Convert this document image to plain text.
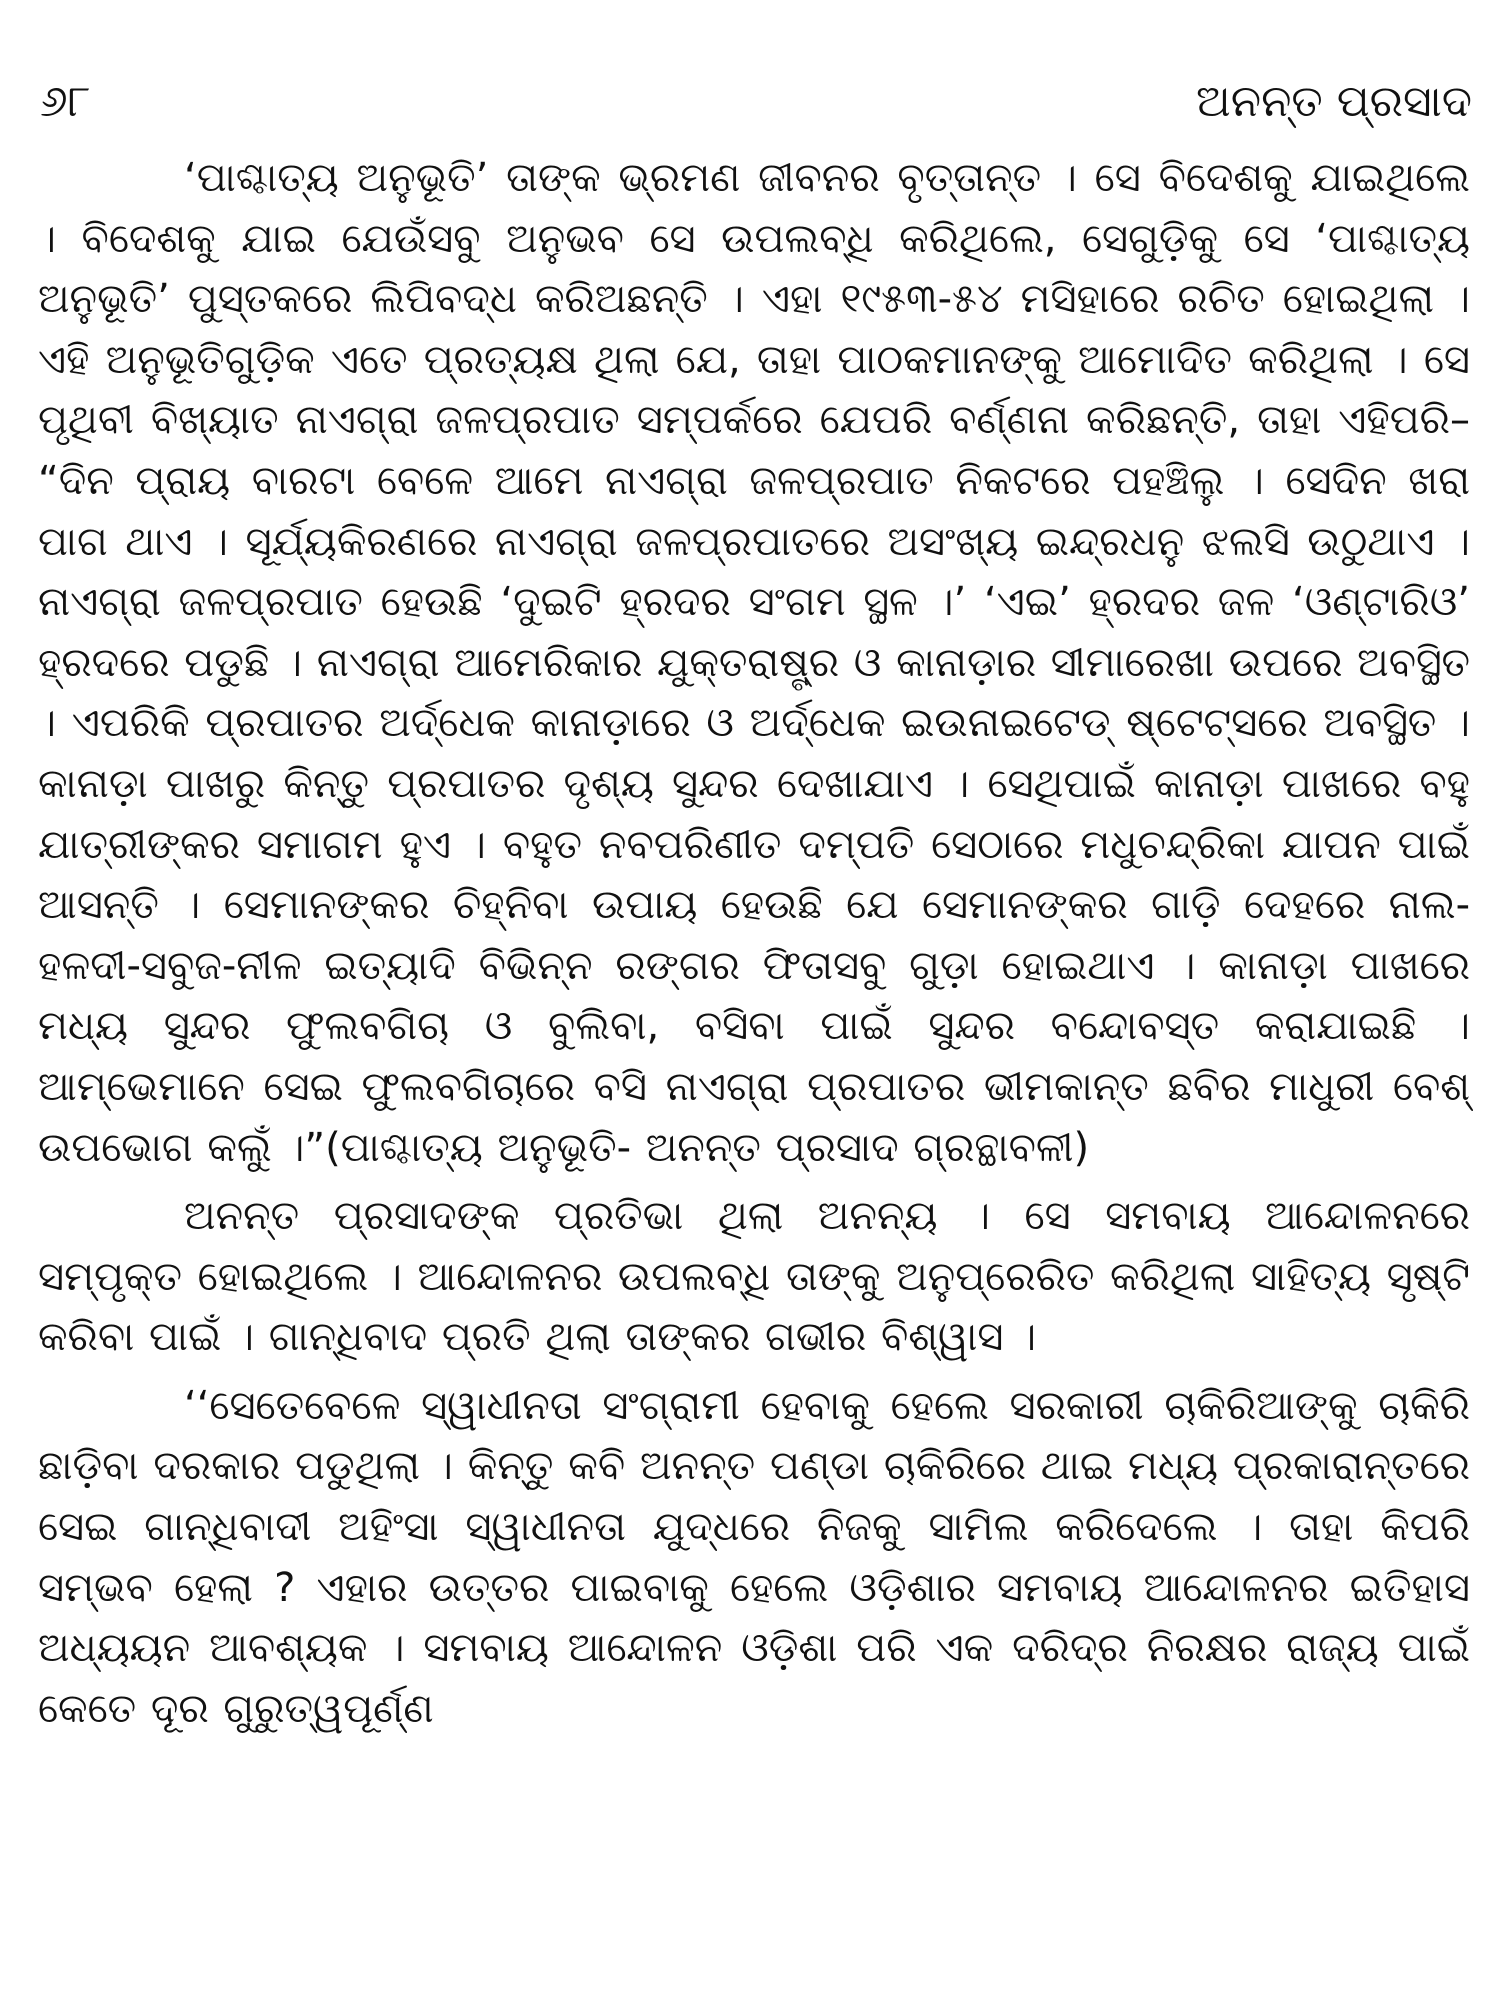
୬୮	ଅନନ୍ତ ପ୍ରସାଦ

‘ପାଶ୍ଚାତ୍ୟ ଅନୁଭୂତି’ ତାଙ୍କ ଭ୍ରମଣ ଜୀବନର ବୃତ୍ତାନ୍ତ । ସେ ବିଦେଶକୁ ଯାଇଥିଲେ । ବିଦେଶକୁ ଯାଇ ଯେଉଁସବୁ ଅନୁଭବ ସେ ଉପଲବ୍ଧି କରିଥିଲେ, ସେଗୁଡ଼ିକୁ ସେ ‘ପାଶ୍ଚାତ୍ୟ ଅନୁଭୂତି’ ପୁସ୍ତକରେ ଲିପିବଦ୍ଧ କରିଅଛନ୍ତି । ଏହା ୧୯୫୩-୫୪ ମସିହାରେ ରଚିତ ହୋଇଥିଲା । ଏହି ଅନୁଭୂତିଗୁଡ଼ିକ ଏତେ ପ୍ରତ୍ୟକ୍ଷ ଥିଲା ଯେ, ତାହା ପାଠକମାନଙ୍କୁ ଆମୋଦିତ କରିଥିଲା । ସେ ପୃଥିବୀ ବିଖ୍ୟାତ ନାଏଗ୍ରା ଜଳପ୍ରପାତ ସମ୍ପର୍କରେ ଯେପରି ବର୍ଣ୍ଣନା କରିଛନ୍ତି, ତାହା ଏହିପରି– “ଦିନ ପ୍ରାୟ ବାରଟା ବେଳେ ଆମେ ନାଏଗ୍ରା ଜଳପ୍ରପାତ ନିକଟରେ ପହଞ୍ଚିଲୁ । ସେଦିନ ଖରା ପାଗ ଥାଏ । ସୂର୍ଯ୍ୟକିରଣରେ ନାଏଗ୍ରା ଜଳପ୍ରପାତରେ ଅସଂଖ୍ୟ ଇନ୍ଦ୍ରଧନୁ ଝଲସି ଉଠୁଥାଏ । ନାଏଗ୍ରା ଜଳପ୍ରପାତ ହେଉଛି ‘ଦୁଇଟି ହ୍ରଦର ସଂଗମ ସ୍ଥଳ ।’ ‘ଏଇ’ ହ୍ରଦର ଜଳ ‘ଓଣ୍ଟାରିଓ’ ହ୍ରଦରେ ପଡୁଛି । ନାଏଗ୍ରା ଆମେରିକାର ଯୁକ୍ତରାଷ୍ଟ୍ର ଓ କାନାଡ଼ାର ସୀମାରେଖା ଉପରେ ଅବସ୍ଥିତ । ଏପରିକି ପ୍ରପାତର ଅର୍ଦ୍ଧେକ କାନାଡ଼ାରେ ଓ ଅର୍ଦ୍ଧେକ ଇଉନାଇଟେଡ୍ ଷ୍ଟେଟ୍ସରେ ଅବସ୍ଥିତ । କାନାଡ଼ା ପାଖରୁ କିନ୍ତୁ ପ୍ରପାତର ଦୃଶ୍ୟ ସୁନ୍ଦର ଦେଖାଯାଏ । ସେଥିପାଇଁ କାନାଡ଼ା ପାଖରେ ବହୁ ଯାତ୍ରୀଙ୍କର ସମାଗମ ହୁଏ । ବହୁତ ନବପରିଣୀତ ଦମ୍ପତି ସେଠାରେ ମଧୁଚନ୍ଦ୍ରିକା ଯାପନ ପାଇଁ ଆସନ୍ତି । ସେମାନଙ୍କର ଚିହ୍ନିବା ଉପାୟ ହେଉଛି ଯେ ସେମାନଙ୍କର ଗାଡ଼ି ଦେହରେ ନାଲ-ହଳଦୀ-ସବୁଜ-ନୀଳ ଇତ୍ୟାଦି ବିଭିନ୍ନ ରଙ୍ଗର ଫିତାସବୁ ଗୁଡ଼ା ହୋଇଥାଏ । କାନାଡ଼ା ପାଖରେ ମଧ୍ୟ ସୁନ୍ଦର ଫୁଲବଗିଚା ଓ ବୁଲିବା, ବସିବା ପାଇଁ ସୁନ୍ଦର ବନ୍ଦୋବସ୍ତ କରାଯାଇଛି । ଆମ୍ଭେମାନେ ସେଇ ଫୁଲବଗିଚାରେ ବସି ନାଏଗ୍ରା ପ୍ରପାତର ଭୀମକାନ୍ତ ଛବିର ମାଧୁରୀ ବେଶ୍ ଉପଭୋଗ କଲୁଁ ।”(ପାଶ୍ଚାତ୍ୟ ଅନୁଭୂତି- ଅନନ୍ତ ପ୍ରସାଦ ଗ୍ରନ୍ଥାବଳୀ)

ଅନନ୍ତ ପ୍ରସାଦଙ୍କ ପ୍ରତିଭା ଥିଲା ଅନନ୍ୟ । ସେ ସମବାୟ ଆନ୍ଦୋଳନରେ ସମ୍ପୃକ୍ତ ହୋଇଥିଲେ । ଆନ୍ଦୋଳନର ଉପଲବ୍ଧି ତାଙ୍କୁ ଅନୁପ୍ରେରିତ କରିଥିଲା ସାହିତ୍ୟ ସୃଷ୍ଟି କରିବା ପାଇଁ । ଗାନ୍ଧିବାଦ ପ୍ରତି ଥିଲା ତାଙ୍କର ଗଭୀର ବିଶ୍ୱାସ ।

‘‘ସେତେବେଳେ ସ୍ୱାଧୀନତା ସଂଗ୍ରାମୀ ହେବାକୁ ହେଲେ ସରକାରୀ ଚାକିରିଆଙ୍କୁ ଚାକିରି ଛାଡ଼ିବା ଦରକାର ପଡୁଥିଲା । କିନ୍ତୁ କବି ଅନନ୍ତ ପଣ୍ଡା ଚାକିରିରେ ଥାଇ ମଧ୍ୟ ପ୍ରକାରାନ୍ତରେ ସେଇ ଗାନ୍ଧିବାଦୀ ଅହିଂସା ସ୍ୱାଧୀନତା ଯୁଦ୍ଧରେ ନିଜକୁ ସାମିଲ କରିଦେଲେ । ତାହା କିପରି ସମ୍ଭବ ହେଲା ? ଏହାର ଉତ୍ତର ପାଇବାକୁ ହେଲେ ଓଡ଼ିଶାର ସମବାୟ ଆନ୍ଦୋଳନର ଇତିହାସ ଅଧ୍ୟୟନ ଆବଶ୍ୟକ । ସମବାୟ ଆନ୍ଦୋଳନ ଓଡ଼ିଶା ପରି ଏକ ଦରିଦ୍ର ନିରକ୍ଷର ରାଜ୍ୟ ପାଇଁ କେତେ ଦୂର ଗୁରୁତ୍ୱପୂର୍ଣ୍ଣ
